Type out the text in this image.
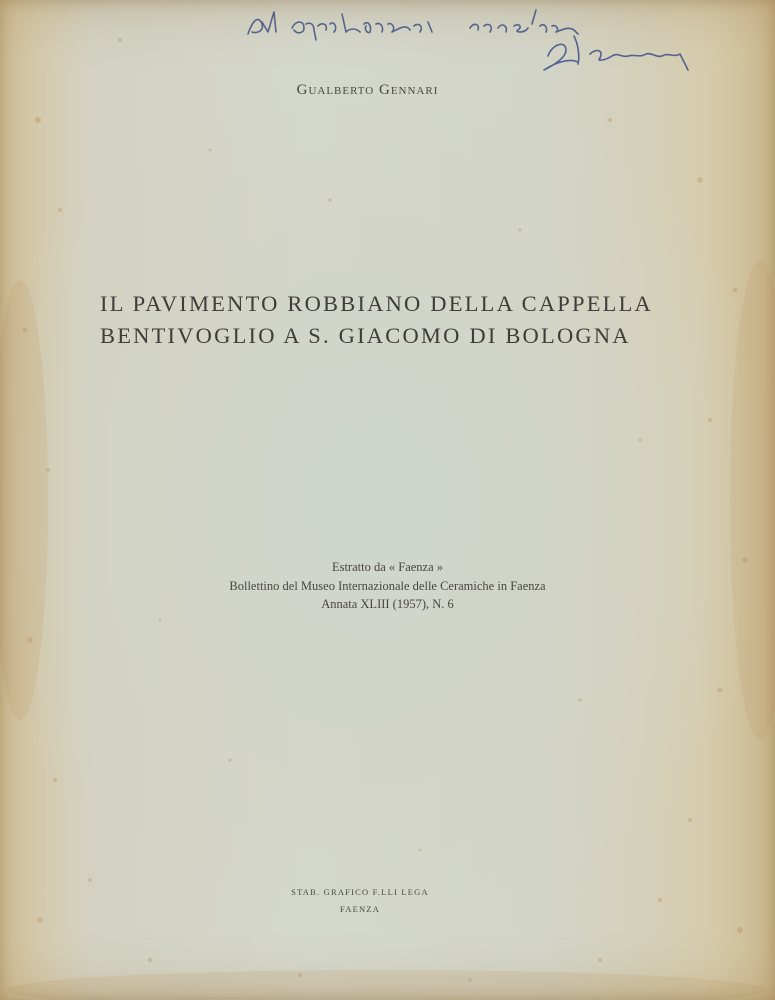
Gualberto Gennari
IL PAVIMENTO ROBBIANO DELLA CAPPELLA
BENTIVOGLIO A S. GIACOMO DI BOLOGNA
Estratto da « Faenza »
Bollettino del Museo Internazionale delle Ceramiche in Faenza
Annata XLIII (1957), N. 6
STAB. GRAFICO F.LLI LEGA
FAENZA
